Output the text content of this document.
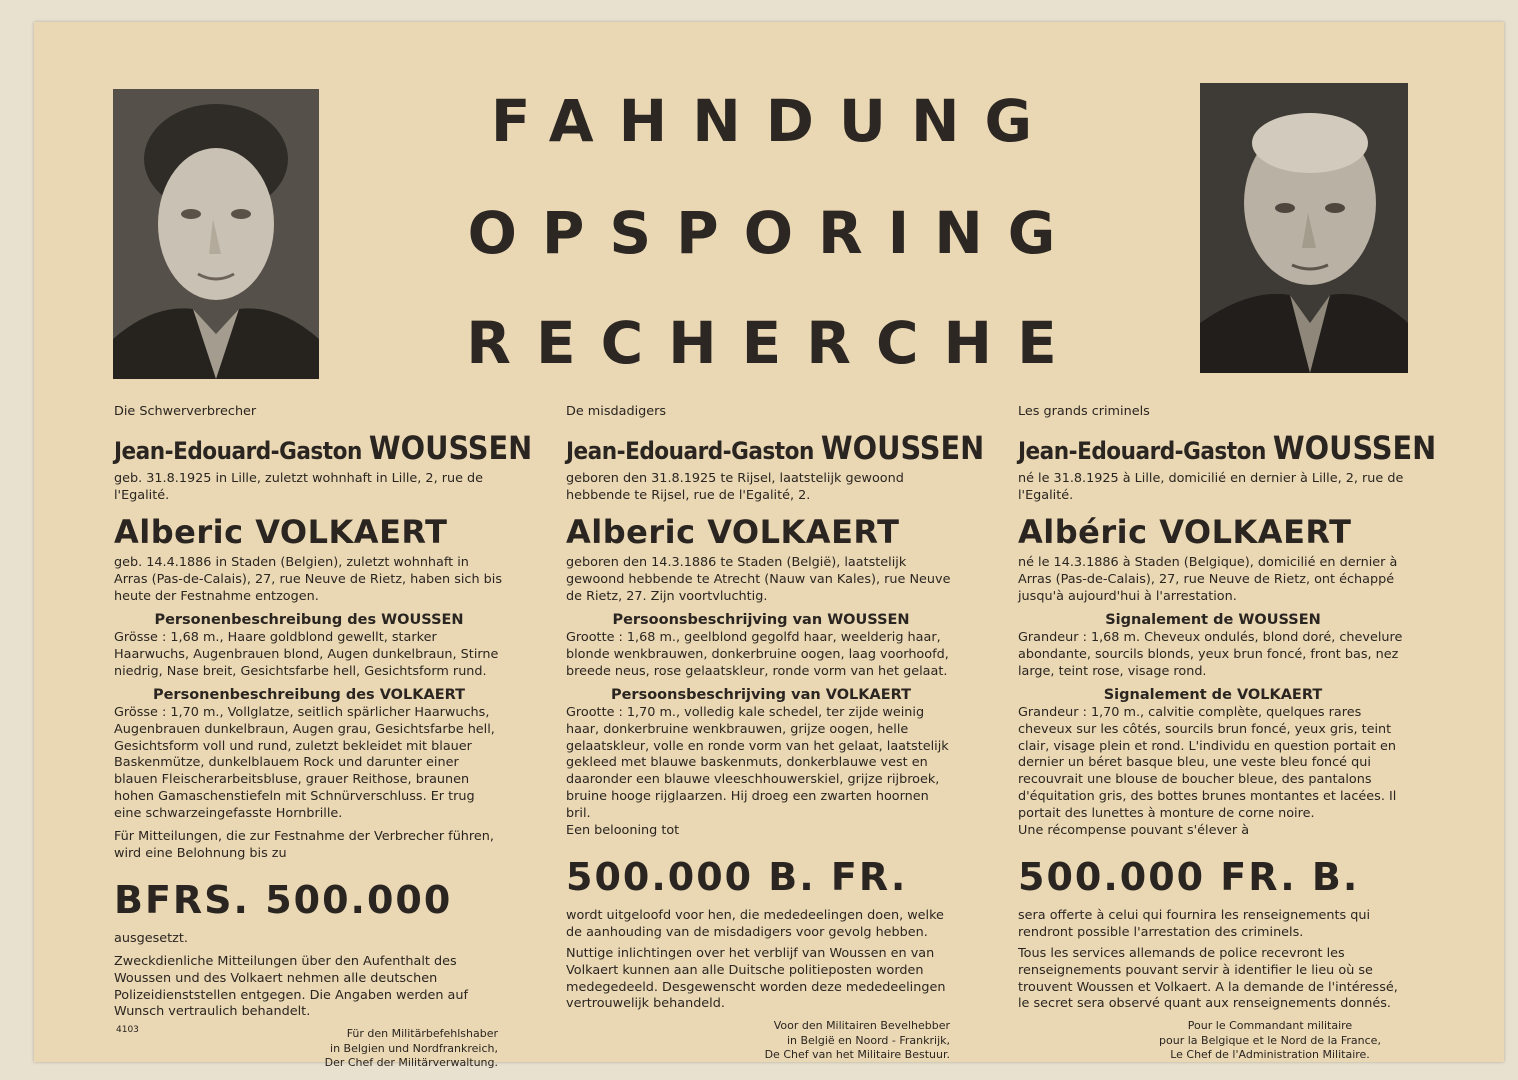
FAHNDUNG
OPSPORING
RECHERCHE

Die Schwerverbrecher

Jean-Edouard-Gaston WOUSSEN

geb. 31.8.1925 in Lille, zuletzt wohnhaft in Lille, 2, rue de l'Egalité.

Alberic VOLKAERT

geb. 14.4.1886 in Staden (Belgien), zuletzt wohnhaft in Arras (Pas-de-Calais), 27, rue Neuve de Rietz, haben sich bis heute der Festnahme entzogen.

Personenbeschreibung des WOUSSEN

Grösse : 1,68 m., Haare goldblond gewellt, starker Haarwuchs, Augenbrauen blond, Augen dunkelbraun, Stirne niedrig, Nase breit, Gesichtsfarbe hell, Gesichtsform rund.

Personenbeschreibung des VOLKAERT

Grösse : 1,70 m., Vollglatze, seitlich spärlicher Haarwuchs, Augenbrauen dunkelbraun, Augen grau, Gesichtsfarbe hell, Gesichtsform voll und rund, zuletzt bekleidet mit blauer Baskenmütze, dunkelblauem Rock und darunter einer blauen Fleischerarbeitsbluse, grauer Reithose, braunen hohen Gamaschenstiefeln mit Schnürverschluss. Er trug eine schwarzeingefasste Hornbrille.

Für Mitteilungen, die zur Festnahme der Verbrecher führen, wird eine Belohnung bis zu

BFRS. 500.000

ausgesetzt.

Zweckdienliche Mitteilungen über den Aufenthalt des Woussen und des Volkaert nehmen alle deutschen Polizeidienststellen entgegen. Die Angaben werden auf Wunsch vertraulich behandelt.

Für den Militärbefehlshaber
in Belgien und Nordfrankreich,
Der Chef der Militärverwaltung.

De misdadigers

Jean-Edouard-Gaston WOUSSEN

geboren den 31.8.1925 te Rijsel, laatstelijk gewoond hebbende te Rijsel, rue de l'Egalité, 2.

Alberic VOLKAERT

geboren den 14.3.1886 te Staden (België), laatstelijk gewoond hebbende te Atrecht (Nauw van Kales), rue Neuve de Rietz, 27. Zijn voortvluchtig.

Persoonsbeschrijving van WOUSSEN

Grootte : 1,68 m., geelblond gegolfd haar, weelderig haar, blonde wenkbrauwen, donkerbruine oogen, laag voorhoofd, breede neus, rose gelaatskleur, ronde vorm van het gelaat.

Persoonsbeschrijving van VOLKAERT

Grootte : 1,70 m., volledig kale schedel, ter zijde weinig haar, donkerbruine wenkbrauwen, grijze oogen, helle gelaatskleur, volle en ronde vorm van het gelaat, laatstelijk gekleed met blauwe baskenmuts, donkerblauwe vest en daaronder een blauwe vleeschhouwerskiel, grijze rijbroek, bruine hooge rijglaarzen. Hij droeg een zwarten hoornen bril.

Een belooning tot

500.000 B. FR.

wordt uitgeloofd voor hen, die mededeelingen doen, welke de aanhouding van de misdadigers voor gevolg hebben.

Nuttige inlichtingen over het verblijf van Woussen en van Volkaert kunnen aan alle Duitsche politieposten worden medegedeeld. Desgewenscht worden deze mededeelingen vertrouwelijk behandeld.

Voor den Militairen Bevelhebber
in België en Noord - Frankrijk,
De Chef van het Militaire Bestuur.

Les grands criminels

Jean-Edouard-Gaston WOUSSEN

né le 31.8.1925 à Lille, domicilié en dernier à Lille, 2, rue de l'Egalité.

Albéric VOLKAERT

né le 14.3.1886 à Staden (Belgique), domicilié en dernier à Arras (Pas-de-Calais), 27, rue Neuve de Rietz, ont échappé jusqu'à aujourd'hui à l'arrestation.

Signalement de WOUSSEN

Grandeur : 1,68 m. Cheveux ondulés, blond doré, chevelure abondante, sourcils blonds, yeux brun foncé, front bas, nez large, teint rose, visage rond.

Signalement de VOLKAERT

Grandeur : 1,70 m., calvitie complète, quelques rares cheveux sur les côtés, sourcils brun foncé, yeux gris, teint clair, visage plein et rond. L'individu en question portait en dernier un béret basque bleu, une veste bleu foncé qui recouvrait une blouse de boucher bleue, des pantalons d'équitation gris, des bottes brunes montantes et lacées. Il portait des lunettes à monture de corne noire.

Une récompense pouvant s'élever à

500.000 FR. B.

sera offerte à celui qui fournira les renseignements qui rendront possible l'arrestation des criminels.

Tous les services allemands de police recevront les renseignements pouvant servir à identifier le lieu où se trouvent Woussen et Volkaert. A la demande de l'intéressé, le secret sera observé quant aux renseignements donnés.

Pour le Commandant militaire
pour la Belgique et le Nord de la France,
Le Chef de l'Administration Militaire.
4103
